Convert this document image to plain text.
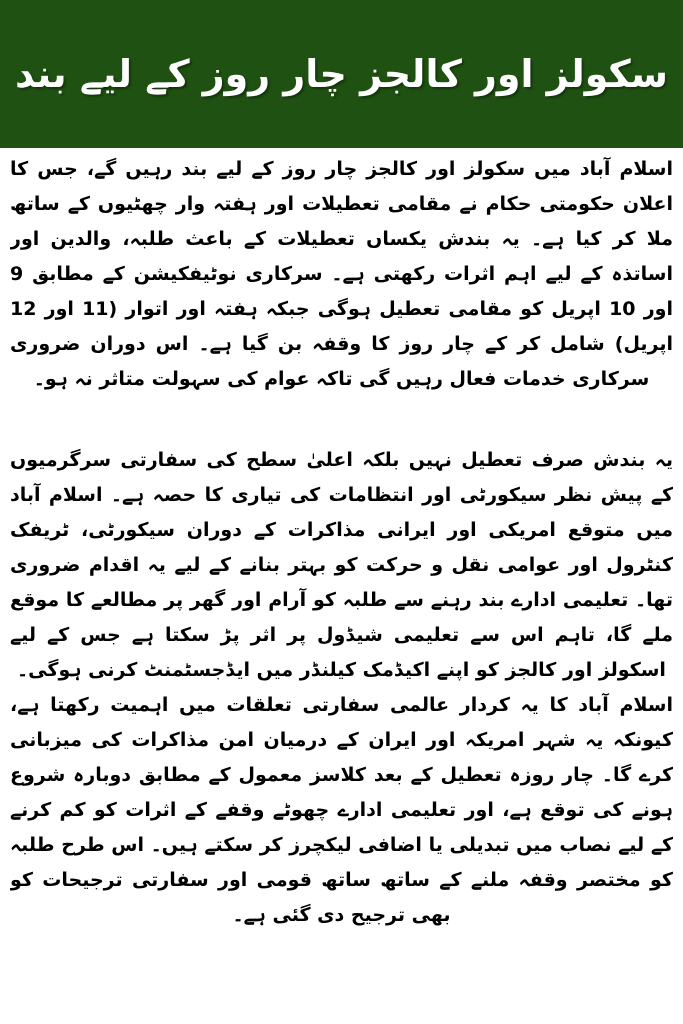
سکولز اور کالجز چار روز کے لیے بند

اسلام آباد میں سکولز اور کالجز چار روز کے لیے بند رہیں گے، جس کا اعلان حکومتی حکام نے مقامی تعطیلات اور ہفتہ وار چھٹیوں کے ساتھ ملا کر کیا ہے۔ یہ بندش یکساں تعطیلات کے باعث طلبہ، والدین اور اساتذہ کے لیے اہم اثرات رکھتی ہے۔ سرکاری نوٹیفکیشن کے مطابق 9 اور 10 اپریل کو مقامی تعطیل ہوگی جبکہ ہفتہ اور اتوار (11 اور 12 اپریل) شامل کر کے چار روز کا وقفہ بن گیا ہے۔ اس دوران ضروری سرکاری خدمات فعال رہیں گی تاکہ عوام کی سہولت متاثر نہ ہو۔

یہ بندش صرف تعطیل نہیں بلکہ اعلیٰ سطح کی سفارتی سرگرمیوں کے پیش نظر سیکورٹی اور انتظامات کی تیاری کا حصہ ہے۔ اسلام آباد میں متوقع امریکی اور ایرانی مذاکرات کے دوران سیکورٹی، ٹریفک کنٹرول اور عوامی نقل و حرکت کو بہتر بنانے کے لیے یہ اقدام ضروری تھا۔ تعلیمی ادارے بند رہنے سے طلبہ کو آرام اور گھر پر مطالعے کا موقع ملے گا، تاہم اس سے تعلیمی شیڈول پر اثر پڑ سکتا ہے جس کے لیے اسکولز اور کالجز کو اپنے اکیڈمک کیلنڈر میں ایڈجسٹمنٹ کرنی ہوگی۔

اسلام آباد کا یہ کردار عالمی سفارتی تعلقات میں اہمیت رکھتا ہے، کیونکہ یہ شہر امریکہ اور ایران کے درمیان امن مذاکرات کی میزبانی کرے گا۔ چار روزہ تعطیل کے بعد کلاسز معمول کے مطابق دوبارہ شروع ہونے کی توقع ہے، اور تعلیمی ادارے چھوٹے وقفے کے اثرات کو کم کرنے کے لیے نصاب میں تبدیلی یا اضافی لیکچرز کر سکتے ہیں۔ اس طرح طلبہ کو مختصر وقفہ ملنے کے ساتھ ساتھ قومی اور سفارتی ترجیحات کو بھی ترجیح دی گئی ہے۔
